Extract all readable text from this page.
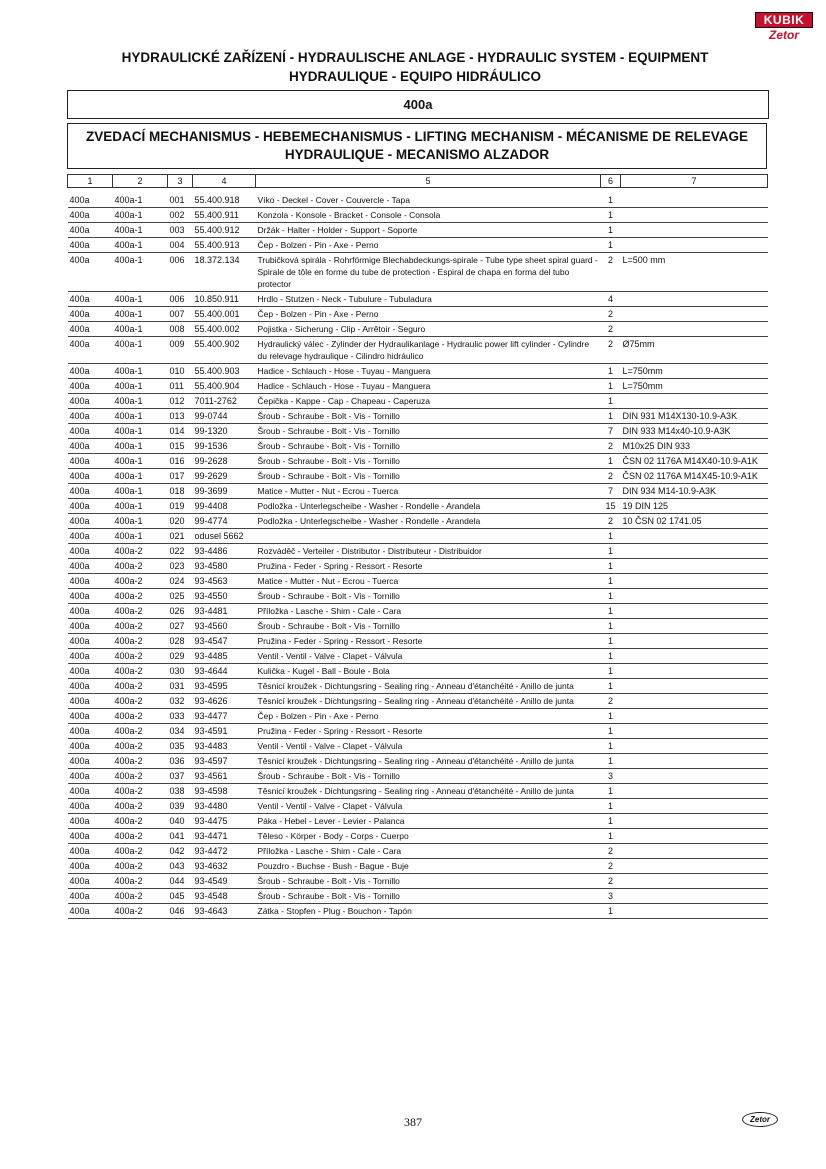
KUBIK
Zetor
HYDRAULICKÉ ZAŘÍZENÍ - HYDRAULISCHE ANLAGE - HYDRAULIC SYSTEM - EQUIPMENT
HYDRAULIQUE - EQUIPO HIDRÁULICO
400a
ZVEDACÍ MECHANISMUS - HEBEMECHANISMUS - LIFTING MECHANISM - MÉCANISME DE RELEVAGE
HYDRAULIQUE - MECANISMO ALZADOR
1	2	3	4	5	6	7

400a	400a-1	001	55.400.918	Víko - Deckel - Cover - Couvercle - Tapa	1	
400a	400a-1	002	55.400.911	Konzola - Konsole - Bracket - Console - Consola	1	
400a	400a-1	003	55.400.912	Držák - Halter - Holder - Support - Soporte	1	
400a	400a-1	004	55.400.913	Čep - Bolzen - Pin - Axe - Perno	1	
400a	400a-1	006	18.372.134	Trubičková spirála - Rohrförmige Blechabdeckungs-spirale - Tube type sheet spiral guard - Spirale de tôle en forme du tube de protection - Espiral de chapa en forma del tubo protector	2	L=500 mm
400a	400a-1	006	10.850.911	Hrdlo - Stutzen - Neck - Tubulure - Tubuladura	4	
400a	400a-1	007	55.400.001	Čep - Bolzen - Pin - Axe - Perno	2	
400a	400a-1	008	55.400.002	Pojistka - Sicherung - Clip - Arrêtoir - Seguro	2	
400a	400a-1	009	55.400.902	Hydraulický válec - Zylinder der Hydraulikanlage - Hydraulic power lift cylinder - Cylindre du relevage hydraulique - Cilindro hidráulico	2	Ø75mm
400a	400a-1	010	55.400.903	Hadice - Schlauch - Hose - Tuyau - Manguera	1	L=750mm
400a	400a-1	011	55.400.904	Hadice - Schlauch - Hose - Tuyau - Manguera	1	L=750mm
400a	400a-1	012	7011-2762	Čepička - Kappe - Cap - Chapeau - Caperuza	1	
400a	400a-1	013	99-0744	Šroub - Schraube - Bolt - Vis - Tornillo	1	DIN 931 M14X130-10.9-A3K
400a	400a-1	014	99-1320	Šroub - Schraube - Bolt - Vis - Tornillo	7	DIN 933 M14x40-10.9-A3K
400a	400a-1	015	99-1536	Šroub - Schraube - Bolt - Vis - Tornillo	2	M10x25 DIN 933
400a	400a-1	016	99-2628	Šroub - Schraube - Bolt - Vis - Tornillo	1	ČSN 02 1176A M14X40-10.9-A1K
400a	400a-1	017	99-2629	Šroub - Schraube - Bolt - Vis - Tornillo	2	ČSN 02 1176A M14X45-10.9-A1K
400a	400a-1	018	99-3699	Matice - Mutter - Nut - Ecrou - Tuerca	7	DIN 934 M14-10.9-A3K
400a	400a-1	019	99-4408	Podložka - Unterlegscheibe - Washer - Rondelle - Arandela	15	19 DIN 125
400a	400a-1	020	99-4774	Podložka - Unterlegscheibe - Washer - Rondelle - Arandela	2	10 ČSN 02 1741.05
400a	400a-1	021	odusel 5662		1	
400a	400a-2	022	93-4486	Rozváděč - Verteiler - Distributor - Distributeur - Distribuidor	1	
400a	400a-2	023	93-4580	Pružina - Feder - Spring - Ressort - Resorte	1	
400a	400a-2	024	93-4563	Matice - Mutter - Nut - Ecrou - Tuerca	1	
400a	400a-2	025	93-4550	Šroub - Schraube - Bolt - Vis - Tornillo	1	
400a	400a-2	026	93-4481	Příložka - Lasche - Shim - Cale - Cara	1	
400a	400a-2	027	93-4560	Šroub - Schraube - Bolt - Vis - Tornillo	1	
400a	400a-2	028	93-4547	Pružina - Feder - Spring - Ressort - Resorte	1	
400a	400a-2	029	93-4485	Ventil - Ventil - Valve - Clapet - Válvula	1	
400a	400a-2	030	93-4644	Kulička - Kugel - Ball - Boule - Bola	1	
400a	400a-2	031	93-4595	Těsnicí kroužek - Dichtungsring - Sealing ring - Anneau d'étanchéité - Anillo de junta	1	
400a	400a-2	032	93-4626	Těsnicí kroužek - Dichtungsring - Sealing ring - Anneau d'étanchéité - Anillo de junta	2	
400a	400a-2	033	93-4477	Čep - Bolzen - Pin - Axe - Perno	1	
400a	400a-2	034	93-4591	Pružina - Feder - Spring - Ressort - Resorte	1	
400a	400a-2	035	93-4483	Ventil - Ventil - Valve - Clapet - Válvula	1	
400a	400a-2	036	93-4597	Těsnicí kroužek - Dichtungsring - Sealing ring - Anneau d'étanchéité - Anillo de junta	1	
400a	400a-2	037	93-4561	Šroub - Schraube - Bolt - Vis - Tornillo	3	
400a	400a-2	038	93-4598	Těsnicí kroužek - Dichtungsring - Sealing ring - Anneau d'étanchéité - Anillo de junta	1	
400a	400a-2	039	93-4480	Ventil - Ventil - Valve - Clapet - Válvula	1	
400a	400a-2	040	93-4475	Páka - Hebel - Lever - Levier - Palanca	1	
400a	400a-2	041	93-4471	Těleso - Körper - Body - Corps - Cuerpo	1	
400a	400a-2	042	93-4472	Příložka - Lasche - Shim - Cale - Cara	2	
400a	400a-2	043	93-4632	Pouzdro - Buchse - Bush - Bague - Buje	2	
400a	400a-2	044	93-4549	Šroub - Schraube - Bolt - Vis - Tornillo	2	
400a	400a-2	045	93-4548	Šroub - Schraube - Bolt - Vis - Tornillo	3	
400a	400a-2	046	93-4643	Zátka - Stopfen - Plug - Bouchon - Tapón	1	
387	Zetor
